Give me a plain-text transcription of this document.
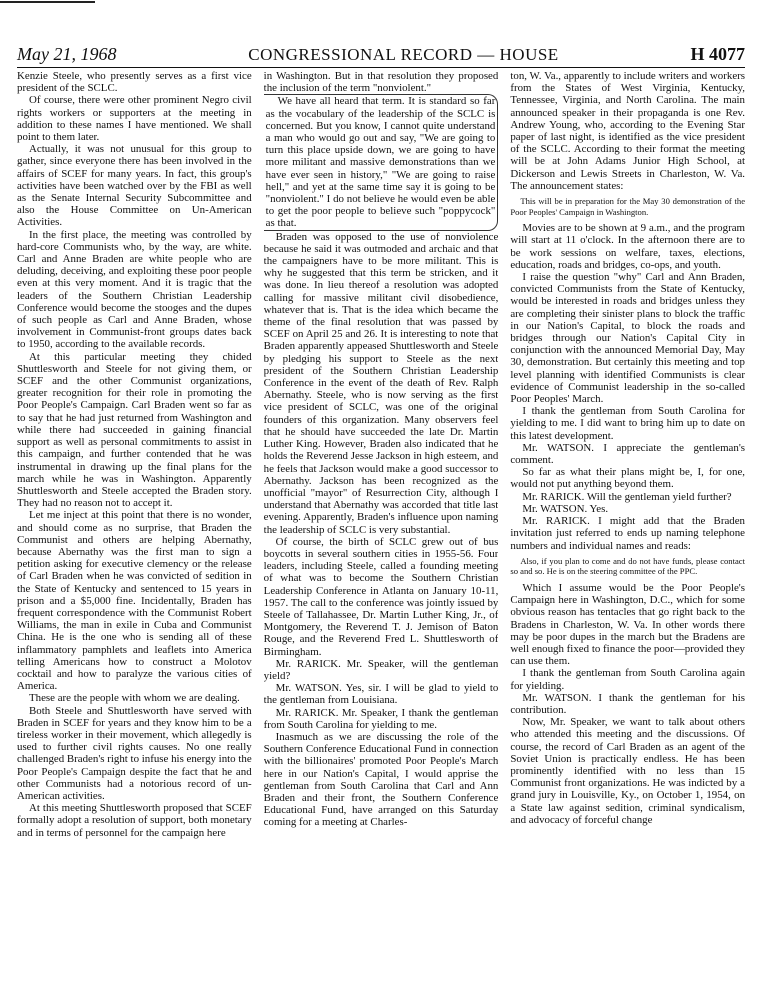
May 21, 1968	CONGRESSIONAL RECORD — HOUSE	H 4077

Kenzie Steele, who presently serves as a first vice president of the SCLC.

Of course, there were other prominent Negro civil rights workers or supporters at the meeting in addition to these names I have mentioned. We shall point to them later.

Actually, it was not unusual for this group to gather, since everyone there has been involved in the affairs of SCEF for many years. In fact, this group's activities have been watched over by the FBI as well as the Senate Internal Security Subcommittee and also the House Committee on Un-American Activities.

In the first place, the meeting was controlled by hard-core Communists who, by the way, are white. Carl and Anne Braden are white people who are deluding, deceiving, and exploiting these poor people even at this very moment. And it is tragic that the leaders of the Southern Christian Leadership Conference would become the stooges and the dupes of such people as Carl and Anne Braden, whose involvement in Communist-front groups dates back to 1950, according to the available records.

At this particular meeting they chided Shuttlesworth and Steele for not giving them, or SCEF and the other Communist organizations, greater recognition for their role in promoting the Poor People's Campaign. Carl Braden went so far as to say that he had just returned from Washington and while there had succeeded in gaining financial support as well as personal commitments to assist in this campaign, and further contended that he was instrumental in drawing up the final plans for the march while he was in Washington. Apparently Shuttlesworth and Steele accepted the Braden story. They had no reason not to accept it.

Let me inject at this point that there is no wonder, and should come as no surprise, that Braden the Communist and others are helping Abernathy, because Abernathy was the first man to sign a petition asking for executive clemency or the release of Carl Braden when he was convicted of sedition in the State of Kentucky and sentenced to 15 years in prison and a $5,000 fine. Incidentally, Braden has frequent correspondence with the Communist Robert Williams, the man in exile in Cuba and Communist China. He is the one who is sending all of these inflammatory pamphlets and leaflets into America telling Americans how to construct a Molotov cocktail and how to paralyze the various cities of America.

These are the people with whom we are dealing.

Both Steele and Shuttlesworth have served with Braden in SCEF for years and they know him to be a tireless worker in their movement, which allegedly is used to further civil rights causes. No one really challenged Braden's right to infuse his energy into the Poor People's Campaign despite the fact that he and other Communists had a notorious record of un-American activities.

At this meeting Shuttlesworth proposed that SCEF formally adopt a resolution of support, both monetary and in terms of personnel for the campaign here

in Washington. But in that resolution they proposed the inclusion of the term "nonviolent."

We have all heard that term. It is standard so far as the vocabulary of the leadership of the SCLC is concerned. But you know, I cannot quite understand a man who would go out and say, "We are going to turn this place upside down, we are going to have more militant and massive demonstrations than we have ever seen in history," "We are going to raise hell," and yet at the same time say it is going to be "nonviolent." I do not believe he would even be able to get the poor people to believe such "poppycock" as that.

Braden was opposed to the use of nonviolence because he said it was outmoded and archaic and that the campaigners have to be more militant. This is why he suggested that this term be stricken, and it was done. In lieu thereof a resolution was adopted calling for massive militant civil disobedience, whatever that is. That is the idea which became the theme of the final resolution that was passed by SCEF on April 25 and 26. It is interesting to note that Braden apparently appeased Shuttlesworth and Steele by pledging his support to Steele as the next president of the Southern Christian Leadership Conference in the event of the death of Rev. Ralph Abernathy. Steele, who is now serving as the first vice president of SCLC, was one of the original founders of this organization. Many observers feel that he should have succeeded the late Dr. Martin Luther King. However, Braden also indicated that he holds the Reverend Jesse Jackson in high esteem, and he feels that Jackson would make a good successor to Abernathy. Jackson has been recognized as the unofficial "mayor" of Resurrection City, although I understand that Abernathy was accorded that title last evening. Apparently, Braden's influence upon naming the leadership of SCLC is very substantial.

Of course, the birth of SCLC grew out of bus boycotts in several southern cities in 1955-56. Four leaders, including Steele, called a founding meeting of what was to become the Southern Christian Leadership Conference in Atlanta on January 10-11, 1957. The call to the conference was jointly issued by Steele of Tallahassee, Dr. Martin Luther King, Jr., of Montgomery, the Reverend T. J. Jemison of Baton Rouge, and the Reverend Fred L. Shuttlesworth of Birmingham.

Mr. RARICK. Mr. Speaker, will the gentleman yield?

Mr. WATSON. Yes, sir. I will be glad to yield to the gentleman from Louisiana.

Mr. RARICK. Mr. Speaker, I thank the gentleman from South Carolina for yielding to me.

Inasmuch as we are discussing the role of the Southern Conference Educational Fund in connection with the billionaires' promoted Poor People's March here in our Nation's Capital, I would apprise the gentleman from South Carolina that Carl and Ann Braden and their front, the Southern Conference Educational Fund, have arranged on this Saturday coming for a meeting at Charles-

ton, W. Va., apparently to include writers and workers from the States of West Virginia, Kentucky, Tennessee, Virginia, and North Carolina. The main announced speaker in their propaganda is one Rev. Andrew Young, who, according to the Evening Star paper of last night, is identified as the vice president of the SCLC. According to their format the meeting will be at John Adams Junior High School, at Dickerson and Lewis Streets in Charleston, W. Va. The announcement states:

This will be in preparation for the May 30 demonstration of the Poor Peoples' Campaign in Washington.

Movies are to be shown at 9 a.m., and the program will start at 11 o'clock. In the afternoon there are to be work sessions on welfare, taxes, elections, education, roads and bridges, co-ops, and youth.

I raise the question "why" Carl and Ann Braden, convicted Communists from the State of Kentucky, would be interested in roads and bridges unless they are completing their sinister plans to block the traffic in our Nation's Capital, to block the roads and bridges through our Nation's Capital City in conjunction with the announced Memorial Day, May 30, demonstration. But certainly this meeting and top level planning with identified Communists is clear evidence of Communist leadership in the so-called Poor Peoples' March.

I thank the gentleman from South Carolina for yielding to me. I did want to bring him up to date on this latest development.

Mr. WATSON. I appreciate the gentleman's comment.

So far as what their plans might be, I, for one, would not put anything beyond them.

Mr. RARICK. Will the gentleman yield further?

Mr. WATSON. Yes.

Mr. RARICK. I might add that the Braden invitation just referred to ends up naming telephone numbers and individual names and reads:

Also, if you plan to come and do not have funds, please contact so and so. He is on the steering committee of the PPC.

Which I assume would be the Poor People's Campaign here in Washington, D.C., which for some obvious reason has tentacles that go right back to the Bradens in Charleston, W. Va. In other words there may be poor dupes in the march but the Bradens are well enough fixed to finance the poor—provided they can use them.

I thank the gentleman from South Carolina again for yielding.

Mr. WATSON. I thank the gentleman for his contribution.

Now, Mr. Speaker, we want to talk about others who attended this meeting and the discussions. Of course, the record of Carl Braden as an agent of the Soviet Union is practically endless. He has been prominently identified with no less than 15 Communist front organizations. He was indicted by a grand jury in Louisville, Ky., on October 1, 1954, on a State law against sedition, criminal syndicalism, and advocacy of forceful change
